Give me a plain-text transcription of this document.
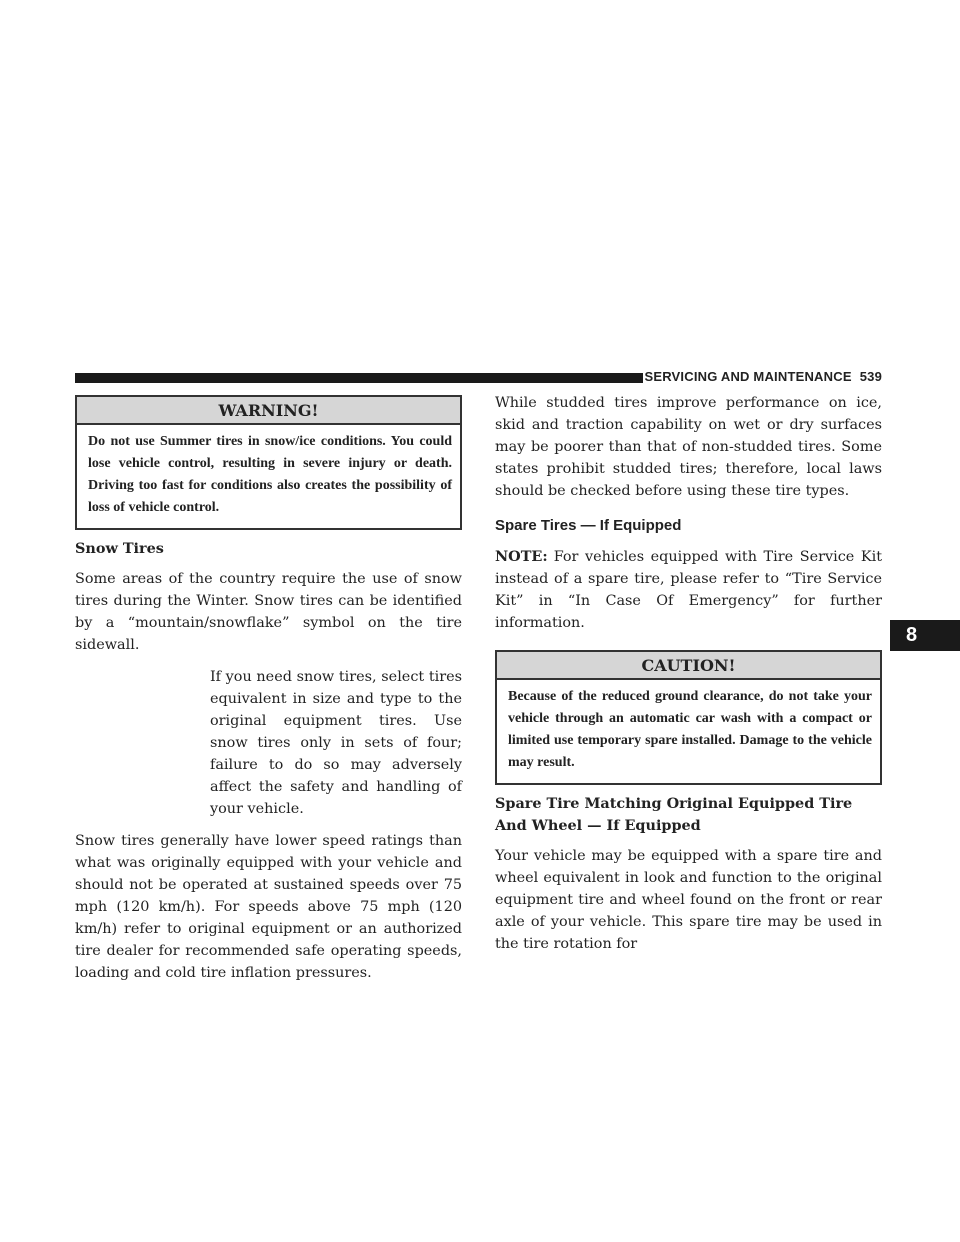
SERVICING AND MAINTENANCE 539
8
WARNING!
Do not use Summer tires in snow/ice conditions. You could lose vehicle control, resulting in severe injury or death. Driving too fast for conditions also creates the possibility of loss of vehicle control.
Snow Tires

Some areas of the country require the use of snow tires during the Winter. Snow tires can be identified by a “mountain/snowflake” symbol on the tire sidewall.

If you need snow tires, select tires equivalent in size and type to the original equipment tires. Use snow tires only in sets of four; failure to do so may adversely affect the safety and handling of your vehicle.

Snow tires generally have lower speed ratings than what was originally equipped with your vehicle and should not be operated at sustained speeds over 75 mph (120 km/h). For speeds above 75 mph (120 km/h) refer to original equipment or an authorized tire dealer for recommended safe operating speeds, loading and cold tire inflation pressures.

While studded tires improve performance on ice, skid and traction capability on wet or dry surfaces may be poorer than that of non-studded tires. Some states prohibit studded tires; therefore, local laws should be checked before using these tire types.

Spare Tires — If Equipped

NOTE: For vehicles equipped with Tire Service Kit instead of a spare tire, please refer to “Tire Service Kit” in “In Case Of Emergency” for further information.

CAUTION!
Because of the reduced ground clearance, do not take your vehicle through an automatic car wash with a compact or limited use temporary spare installed. Damage to the vehicle may result.
Spare Tire Matching Original Equipped Tire And Wheel — If Equipped

Your vehicle may be equipped with a spare tire and wheel equivalent in look and function to the original equipment tire and wheel found on the front or rear axle of your vehicle. This spare tire may be used in the tire rotation for
